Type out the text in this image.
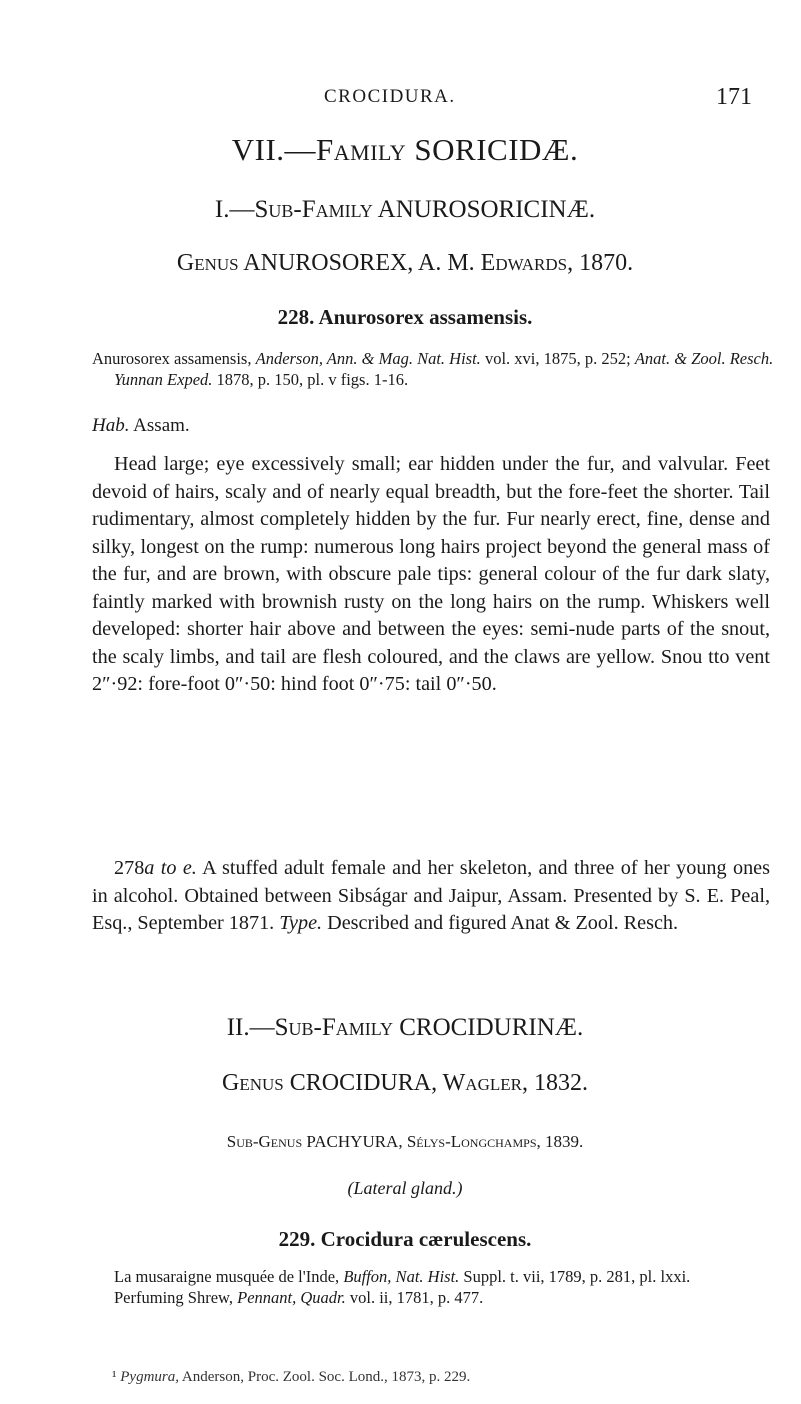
CROCIDURA.	171
VII.—Family SORICIDÆ.
I.—Sub-Family ANUROSORICINÆ.
Genus ANUROSOREX, A. M. Edwards, 1870.
228. Anurosorex assamensis.
Anurosorex assamensis, Anderson, Ann. & Mag. Nat. Hist. vol. xvi, 1875, p. 252; Anat. & Zool. Resch. Yunnan Exped. 1878, p. 150, pl. v figs. 1-16.
Hab. Assam.
Head large; eye excessively small; ear hidden under the fur, and valvular. Feet devoid of hairs, scaly and of nearly equal breadth, but the fore-feet the shorter. Tail rudimentary, almost completely hidden by the fur. Fur nearly erect, fine, dense and silky, longest on the rump: numerous long hairs project beyond the general mass of the fur, and are brown, with obscure pale tips: general colour of the fur dark slaty, faintly marked with brownish rusty on the long hairs on the rump. Whiskers well developed: shorter hair above and between the eyes: semi-nude parts of the snout, the scaly limbs, and tail are flesh coloured, and the claws are yellow. Snou tto vent 2″·92: fore-foot 0″·50: hind foot 0″·75: tail 0″·50.
278a to e. A stuffed adult female and her skeleton, and three of her young ones in alcohol. Obtained between Sibságar and Jaipur, Assam. Presented by S. E. Peal, Esq., September 1871. Type. Described and figured Anat & Zool. Resch.
II.—Sub-Family CROCIDURINÆ.
Genus CROCIDURA, Wagler, 1832.
Sub-Genus PACHYURA, Sélys-Longchamps, 1839.
(Lateral gland.)
229. Crocidura cærulescens.

La musaraigne musquée de l'Inde, Buffon, Nat. Hist. Suppl. t. vii, 1789, p. 281, pl. lxxi.

Perfuming Shrew, Pennant, Quadr. vol. ii, 1781, p. 477.

¹ Pygmura, Anderson, Proc. Zool. Soc. Lond., 1873, p. 229.
